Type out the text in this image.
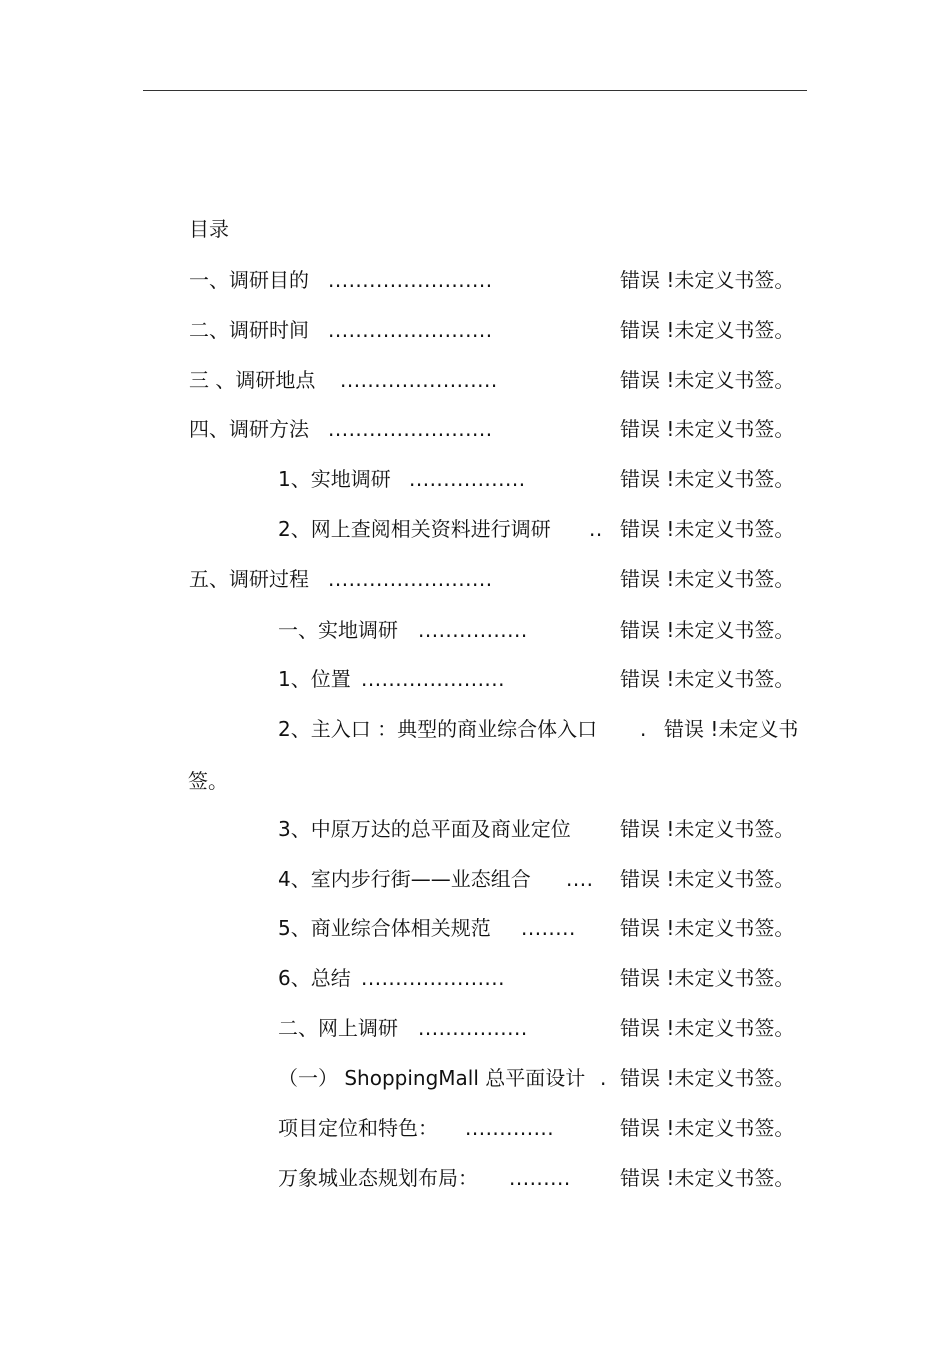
目录
一、调研目的 ........................	错误 !未定义书签。
二、调研时间 ........................	错误 !未定义书签。
三 、调研地点 .......................	错误 !未定义书签。
四、调研方法 ........................	错误 !未定义书签。
1、实地调研 .................	错误 !未定义书签。
2、网上查阅相关资料进行调研 .. 错误 !未定义书签。
五、调研过程 ........................	错误 !未定义书签。
一、实地调研 ................	错误 !未定义书签。
1、位置 .....................	错误 !未定义书签。
2、主入口 ：典型的商业综合体入口 . 错误 !未定义书
签。
3、中原万达的总平面及商业定位 错误 !未定义书签。
4、室内步行街——业态组合 .... 错误 !未定义书签。
5、商业综合体相关规范 ........ 错误 !未定义书签。
6、总结 .....................	错误 !未定义书签。
二、网上调研 ................	错误 !未定义书签。
（一） ShoppingMall 总平面设计 . 错误 !未定义书签。
项目定位和特色： .............	错误 !未定义书签。
万象城业态规划布局： ......... 错误 !未定义书签。
